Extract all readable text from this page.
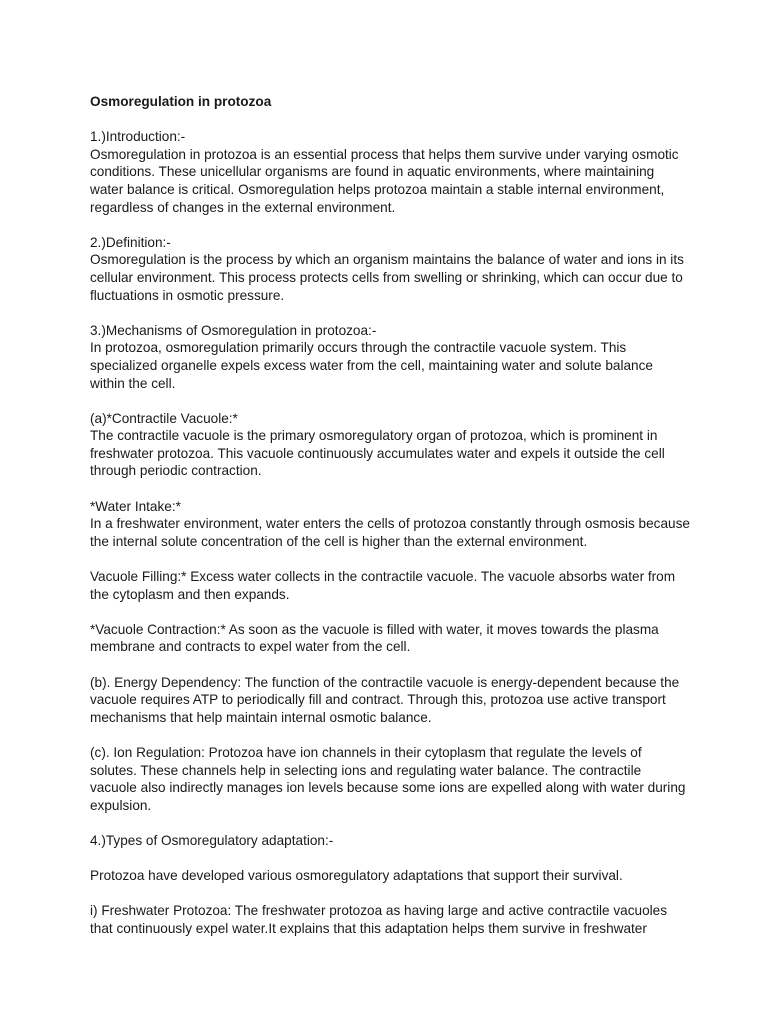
Osmoregulation in protozoa

1.)Introduction:-

Osmoregulation in protozoa is an essential process that helps them survive under varying osmotic conditions. These unicellular organisms are found in aquatic environments, where maintaining water balance is critical. Osmoregulation helps protozoa maintain a stable internal environment, regardless of changes in the external environment.

2.)Definition:-

Osmoregulation is the process by which an organism maintains the balance of water and ions in its cellular environment. This process protects cells from swelling or shrinking, which can occur due to fluctuations in osmotic pressure.

3.)Mechanisms of Osmoregulation in protozoa:-

In protozoa, osmoregulation primarily occurs through the contractile vacuole system. This specialized organelle expels excess water from the cell, maintaining water and solute balance within the cell.

(a)*Contractile Vacuole:*

The contractile vacuole is the primary osmoregulatory organ of protozoa, which is prominent in freshwater protozoa. This vacuole continuously accumulates water and expels it outside the cell through periodic contraction.

*Water Intake:*

In a freshwater environment, water enters the cells of protozoa constantly through osmosis because the internal solute concentration of the cell is higher than the external environment.

Vacuole Filling:* Excess water collects in the contractile vacuole. The vacuole absorbs water from the cytoplasm and then expands.

*Vacuole Contraction:* As soon as the vacuole is filled with water, it moves towards the plasma membrane and contracts to expel water from the cell.

(b). Energy Dependency: The function of the contractile vacuole is energy-dependent because the vacuole requires ATP to periodically fill and contract. Through this, protozoa use active transport mechanisms that help maintain internal osmotic balance.

(c). Ion Regulation: Protozoa have ion channels in their cytoplasm that regulate the levels of solutes. These channels help in selecting ions and regulating water balance. The contractile vacuole also indirectly manages ion levels because some ions are expelled along with water during expulsion.

4.)Types of Osmoregulatory adaptation:-

Protozoa have developed various osmoregulatory adaptations that support their survival.

i) Freshwater Protozoa: The freshwater protozoa as having large and active contractile vacuoles that continuously expel water.It explains that this adaptation helps them survive in freshwater
